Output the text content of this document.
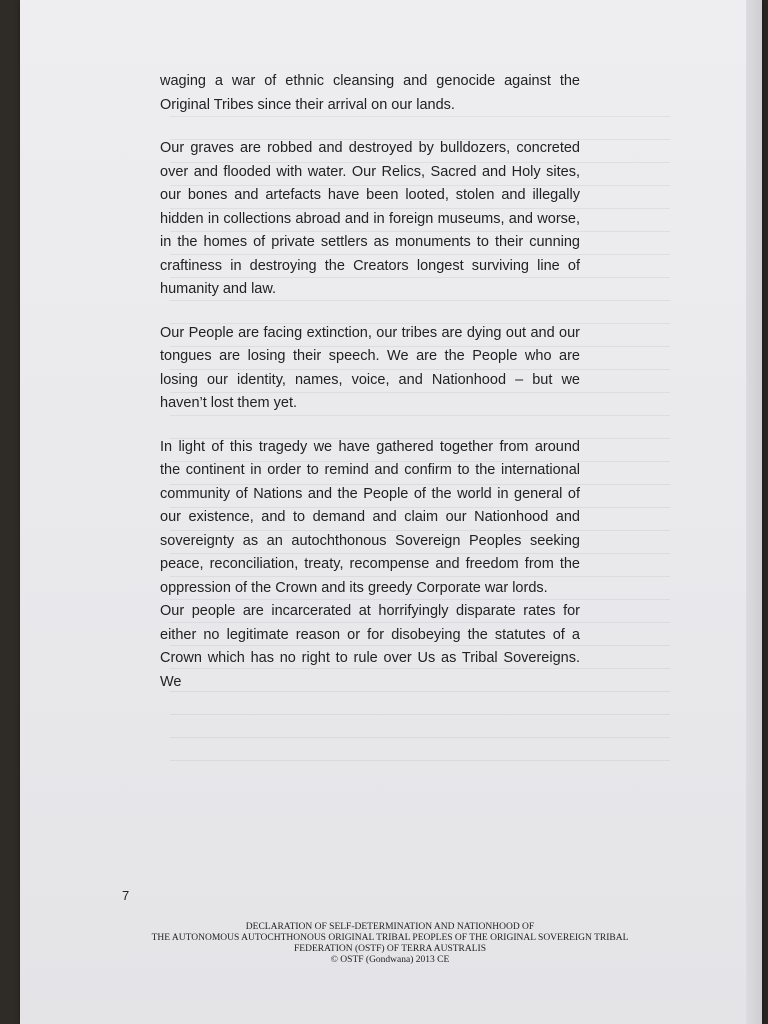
waging a war of ethnic cleansing and genocide against the Original Tribes since their arrival on our lands.

Our graves are robbed and destroyed by bulldozers, concreted over and flooded with water. Our Relics, Sacred and Holy sites, our bones and artefacts have been looted, stolen and illegally hidden in collections abroad and in foreign museums, and worse, in the homes of private settlers as monuments to their cunning craftiness in destroying the Creators longest surviving line of humanity and law.

Our People are facing extinction, our tribes are dying out and our tongues are losing their speech. We are the People who are losing our identity, names, voice, and Nationhood – but we haven’t lost them yet.

In light of this tragedy we have gathered together from around the continent in order to remind and confirm to the international community of Nations and the People of the world in general of our existence, and to demand and claim our Nationhood and sovereignty as an autochthonous Sovereign Peoples seeking peace, reconciliation, treaty, recompense and freedom from the oppression of the Crown and its greedy Corporate war lords.

Our people are incarcerated at horrifyingly disparate rates for either no legitimate reason or for disobeying the statutes of a Crown which has no right to rule over Us as Tribal Sovereigns. We

7
DECLARATION OF SELF-DETERMINATION AND NATIONHOOD OF
THE AUTONOMOUS AUTOCHTHONOUS ORIGINAL TRIBAL PEOPLES OF THE ORIGINAL SOVEREIGN TRIBAL
FEDERATION (OSTF) OF TERRA AUSTRALIS
© OSTF (Gondwana) 2013 CE
